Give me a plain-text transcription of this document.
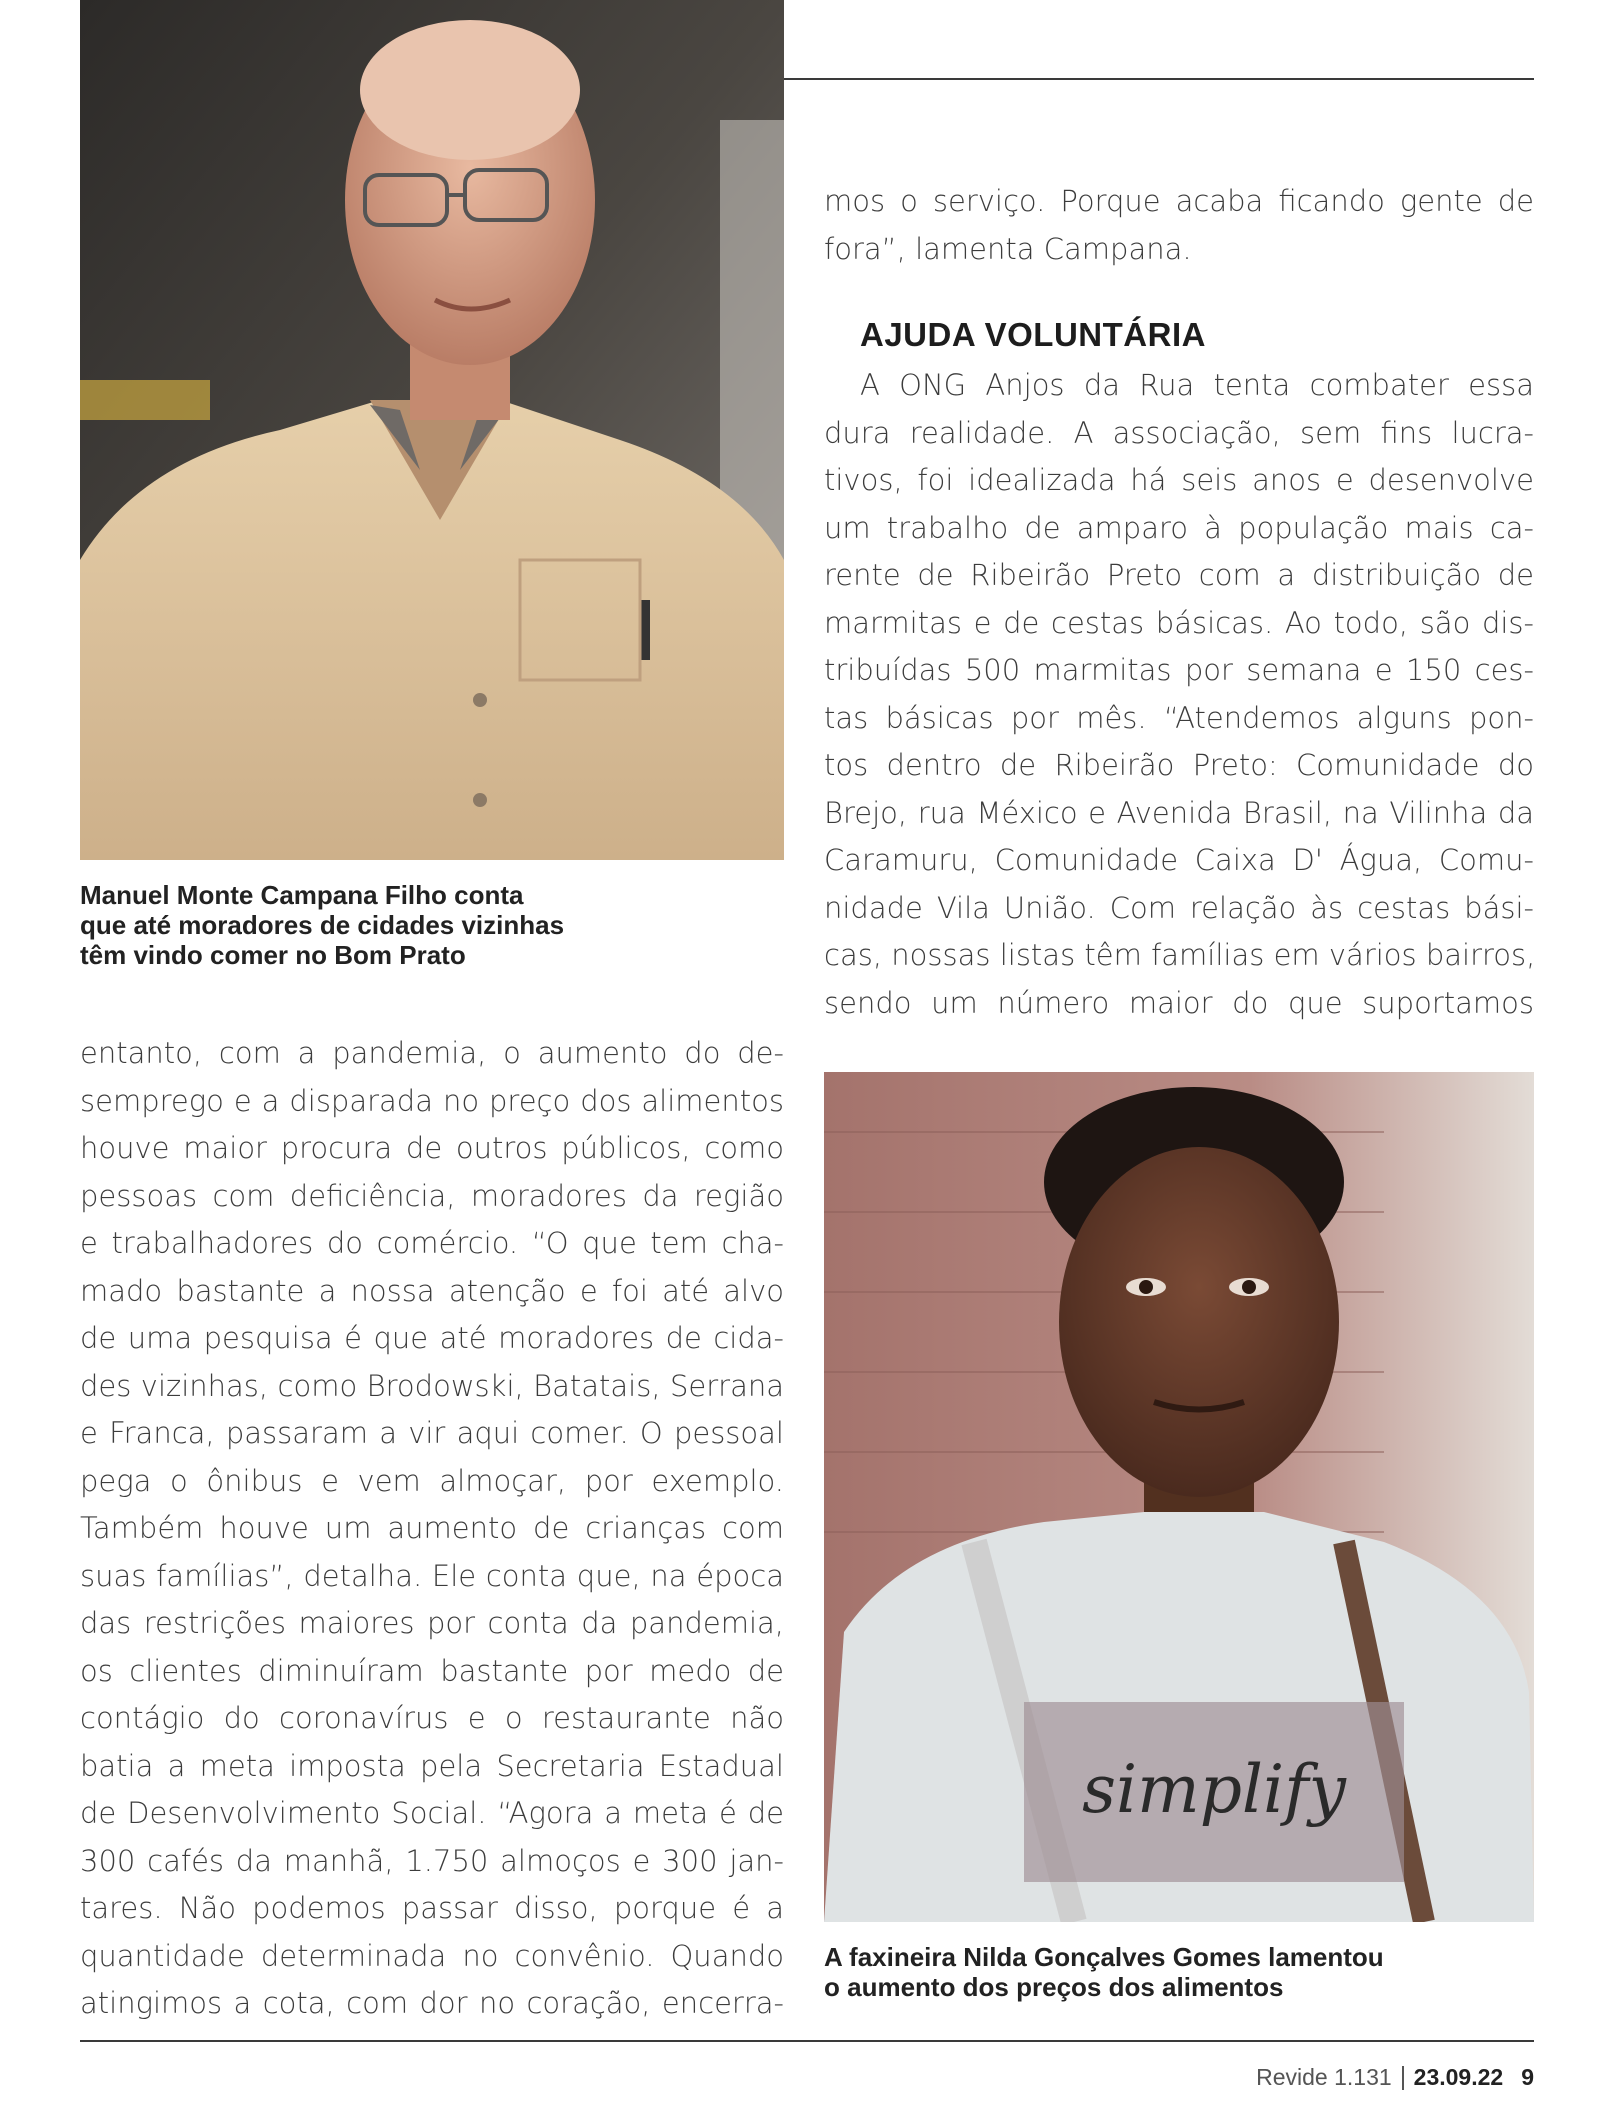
Manuel Monte Campana Filho conta
que até moradores de cidades vizinhas
têm vindo comer no Bom Prato
mos o serviço. Porque acaba ficando gente de
fora”, lamenta Campana.
AJUDA VOLUNTÁRIA
A ONG Anjos da Rua tenta combater essa
dura realidade. A associação, sem fins lucra-
tivos, foi idealizada há seis anos e desenvolve
um trabalho de amparo à população mais ca-
rente de Ribeirão Preto com a distribuição de
marmitas e de cestas básicas. Ao todo, são dis-
tribuídas 500 marmitas por semana e 150 ces-
tas básicas por mês. “Atendemos alguns pon-
tos dentro de Ribeirão Preto: Comunidade do
Brejo, rua México e Avenida Brasil, na Vilinha da
Caramuru, Comunidade Caixa D' Água, Comu-
nidade Vila União. Com relação às cestas bási-
cas, nossas listas têm famílias em vários bairros,
sendo um número maior do que suportamos
entanto, com a pandemia, o aumento do de-
semprego e a disparada no preço dos alimentos
houve maior procura de outros públicos, como
pessoas com deficiência, moradores da região
e trabalhadores do comércio. “O que tem cha-
mado bastante a nossa atenção e foi até alvo
de uma pesquisa é que até moradores de cida-
des vizinhas, como Brodowski, Batatais, Serrana
e Franca, passaram a vir aqui comer. O pessoal
pega o ônibus e vem almoçar, por exemplo.
Também houve um aumento de crianças com
suas famílias”, detalha. Ele conta que, na época
das restrições maiores por conta da pandemia,
os clientes diminuíram bastante por medo de
contágio do coronavírus e o restaurante não
batia a meta imposta pela Secretaria Estadual
de Desenvolvimento Social. “Agora a meta é de
300 cafés da manhã, 1.750 almoços e 300 jan-
tares. Não podemos passar disso, porque é a
quantidade determinada no convênio. Quando
atingimos a cota, com dor no coração, encerra-
simplify
A faxineira Nilda Gonçalves Gomes lamentou
o aumento dos preços dos alimentos
Revide 1.131 23.09.22 9
